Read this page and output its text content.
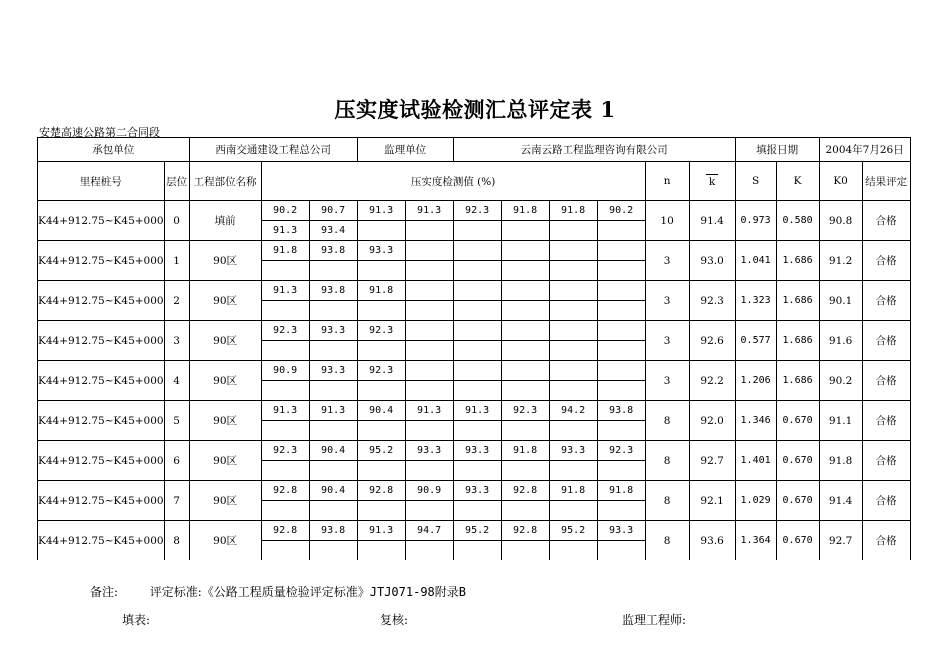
压实度试验检测汇总评定表 1
安楚高速公路第二合同段
承包单位		西南交通建设工程总公司			监理单位		云南云路工程监理咨询有限公司						填报日期		2004年7月26日	
里程桩号	层位	工程部位名称	压实度检测值 (%)								n	k	S	K	K0	结果评定
K44+912.75~K45+000	0	填前	90.2	90.7	91.3	91.3	92.3	91.8	91.8	90.2	10	91.4	0.973	0.580	90.8	合格
			91.3	93.4												
K44+912.75~K45+000	1	90区	91.8	93.8	93.3						3	93.0	1.041	1.686	91.2	合格

K44+912.75~K45+000	2	90区	91.3	93.8	91.8						3	92.3	1.323	1.686	90.1	合格

K44+912.75~K45+000	3	90区	92.3	93.3	92.3						3	92.6	0.577	1.686	91.6	合格

K44+912.75~K45+000	4	90区	90.9	93.3	92.3						3	92.2	1.206	1.686	90.2	合格

K44+912.75~K45+000	5	90区	91.3	91.3	90.4	91.3	91.3	92.3	94.2	93.8	8	92.0	1.346	0.670	91.1	合格

K44+912.75~K45+000	6	90区	92.3	90.4	95.2	93.3	93.3	91.8	93.3	92.3	8	92.7	1.401	0.670	91.8	合格

K44+912.75~K45+000	7	90区	92.8	90.4	92.8	90.9	93.3	92.8	91.8	91.8	8	92.1	1.029	0.670	91.4	合格

K44+912.75~K45+000	8	90区	92.8	93.8	91.3	94.7	95.2	92.8	95.2	93.3	8	93.6	1.364	0.670	92.7	合格

备注:	评定标准:《公路工程质量检验评定标准》JTJ071-98附录B
填表:	复核:	监理工程师:
